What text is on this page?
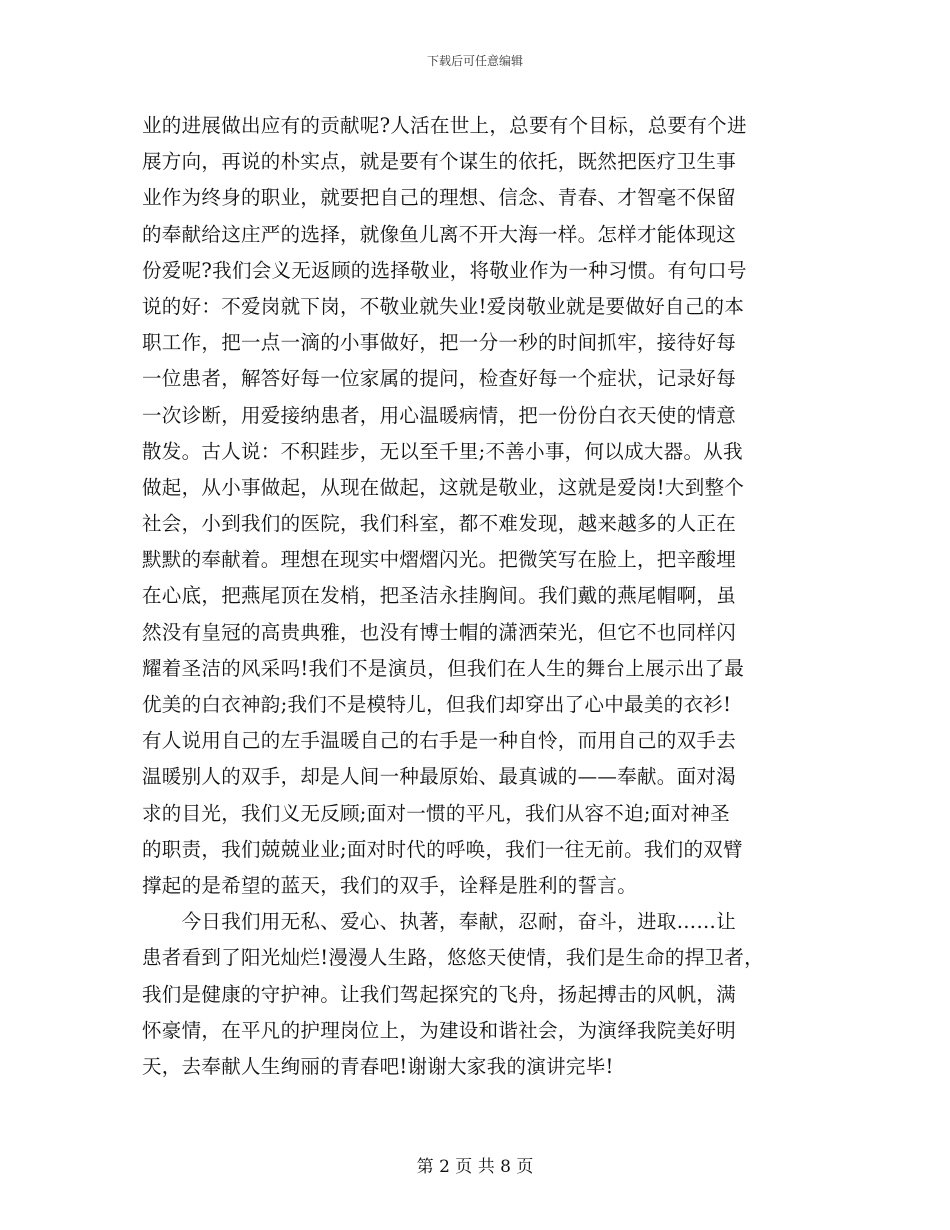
下载后可任意编辑
业的进展做出应有的贡献呢?人活在世上，总要有个目标，总要有个进
展方向，再说的朴实点，就是要有个谋生的依托，既然把医疗卫生事
业作为终身的职业，就要把自己的理想、信念、青春、才智毫不保留
的奉献给这庄严的选择，就像鱼儿离不开大海一样。怎样才能体现这
份爱呢?我们会义无返顾的选择敬业，将敬业作为一种习惯。有句口号
说的好：不爱岗就下岗，不敬业就失业!爱岗敬业就是要做好自己的本
职工作，把一点一滴的小事做好，把一分一秒的时间抓牢，接待好每
一位患者，解答好每一位家属的提问，检查好每一个症状，记录好每
一次诊断，用爱接纳患者，用心温暖病情，把一份份白衣天使的情意
散发。古人说：不积跬步，无以至千里;不善小事，何以成大器。从我
做起，从小事做起，从现在做起，这就是敬业，这就是爱岗!大到整个
社会，小到我们的医院，我们科室，都不难发现，越来越多的人正在
默默的奉献着。理想在现实中熠熠闪光。把微笑写在脸上，把辛酸埋
在心底，把燕尾顶在发梢，把圣洁永挂胸间。我们戴的燕尾帽啊，虽
然没有皇冠的高贵典雅，也没有博士帽的潇洒荣光，但它不也同样闪
耀着圣洁的风采吗!我们不是演员，但我们在人生的舞台上展示出了最
优美的白衣神韵;我们不是模特儿，但我们却穿出了心中最美的衣衫!
有人说用自己的左手温暖自己的右手是一种自怜，而用自己的双手去
温暖别人的双手，却是人间一种最原始、最真诚的——奉献。面对渴
求的目光，我们义无反顾;面对一惯的平凡，我们从容不迫;面对神圣
的职责，我们兢兢业业;面对时代的呼唤，我们一往无前。我们的双臂
撑起的是希望的蓝天，我们的双手，诠释是胜利的誓言。
　　今日我们用无私、爱心、执著，奉献，忍耐，奋斗，进取……让
患者看到了阳光灿烂!漫漫人生路，悠悠天使情，我们是生命的捍卫者，
我们是健康的守护神。让我们驾起探究的飞舟，扬起搏击的风帆，满
怀豪情，在平凡的护理岗位上，为建设和谐社会，为演绎我院美好明
天，去奉献人生绚丽的青春吧!谢谢大家我的演讲完毕!
第 2 页 共 8 页
